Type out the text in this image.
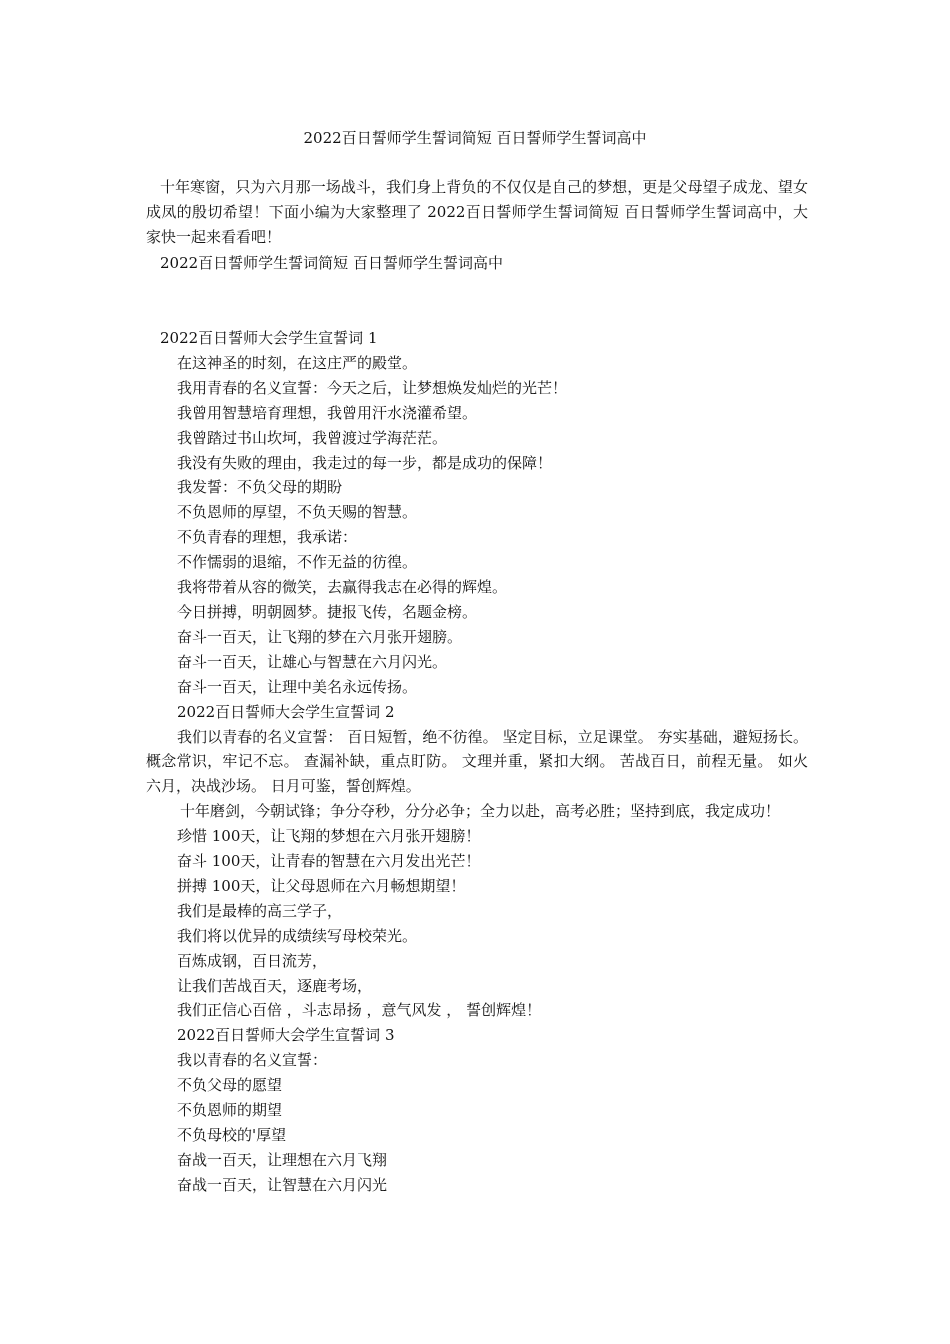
2022百日誓师学生誓词简短 百日誓师学生誓词高中
十年寒窗，只为六月那一场战斗，我们身上背负的不仅仅是自己的梦想，更是父母望子成龙、望女成凤的殷切希望！下面小编为大家整理了 2022百日誓师学生誓词简短 百日誓师学生誓词高中，大家快一起来看看吧！
2022百日誓师学生誓词简短 百日誓师学生誓词高中
2022百日誓师大会学生宣誓词 1
在这神圣的时刻，在这庄严的殿堂。
我用青春的名义宣誓：今天之后，让梦想焕发灿烂的光芒！
我曾用智慧培育理想，我曾用汗水浇灌希望。
我曾踏过书山坎坷，我曾渡过学海茫茫。
我没有失败的理由，我走过的每一步，都是成功的保障！
我发誓：不负父母的期盼
不负恩师的厚望，不负天赐的智慧。
不负青春的理想，我承诺：
不作懦弱的退缩，不作无益的彷徨。
我将带着从容的微笑，去赢得我志在必得的辉煌。
今日拼搏，明朝圆梦。捷报飞传，名题金榜。
奋斗一百天，让飞翔的梦在六月张开翅膀。
奋斗一百天，让雄心与智慧在六月闪光。
奋斗一百天，让理中美名永远传扬。
2022百日誓师大会学生宣誓词 2
我们以青春的名义宣誓： 百日短暂，绝不彷徨。 坚定目标，立足课堂。 夯实基础，避短扬长。 概念常识，牢记不忘。 查漏补缺，重点盯防。 文理并重，紧扣大纲。 苦战百日，前程无量。 如火六月，决战沙场。 日月可鉴，誓创辉煌。
十年磨剑，今朝试锋；争分夺秒，分分必争；全力以赴，高考必胜；坚持到底，我定成功！
珍惜 100天，让飞翔的梦想在六月张开翅膀！
奋斗 100天，让青春的智慧在六月发出光芒！
拼搏 100天，让父母恩师在六月畅想期望！
我们是最棒的高三学子，
我们将以优异的成绩续写母校荣光。
百炼成钢，百日流芳，
让我们苦战百天，逐鹿考场，
我们正信心百倍 ，斗志昂扬 ，意气风发 ， 誓创辉煌！
2022百日誓师大会学生宣誓词 3
我以青春的名义宣誓：
不负父母的愿望
不负恩师的期望
不负母校的'厚望
奋战一百天，让理想在六月飞翔
奋战一百天，让智慧在六月闪光
